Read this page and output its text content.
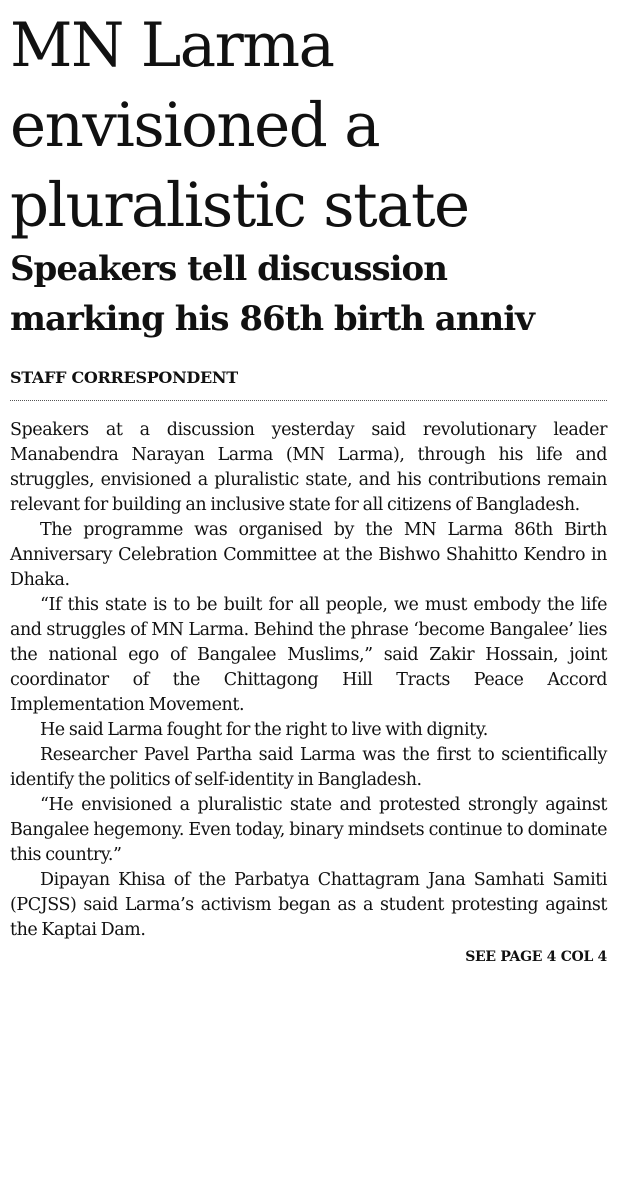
MN Larma
envisioned a
pluralistic state
Speakers tell discussion
marking his 86th birth anniv
STAFF CORRESPONDENT

Speakers at a discussion yesterday said revolutionary leader Manabendra Narayan Larma (MN Larma), through his life and struggles, envisioned a pluralistic state, and his contributions remain relevant for building an inclusive state for all citizens of Bangladesh.

The programme was organised by the MN Larma 86th Birth Anniversary Celebration Committee at the Bishwo Shahitto Kendro in Dhaka.

“If this state is to be built for all people, we must embody the life and struggles of MN Larma. Behind the phrase ‘become Bangalee’ lies the national ego of Bangalee Muslims,” said Zakir Hossain, joint coordinator of the Chittagong Hill Tracts Peace Accord Implementation Movement.

He said Larma fought for the right to live with dignity.

Researcher Pavel Partha said Larma was the first to scientifically identify the politics of self-identity in Bangladesh.

“He envisioned a pluralistic state and protested strongly against Bangalee hegemony. Even today, binary mindsets continue to dominate this country.”

Dipayan Khisa of the Parbatya Chattagram Jana Samhati Samiti (PCJSS) said Larma’s activism began as a student protesting against the Kaptai Dam.

SEE PAGE 4 COL 4
